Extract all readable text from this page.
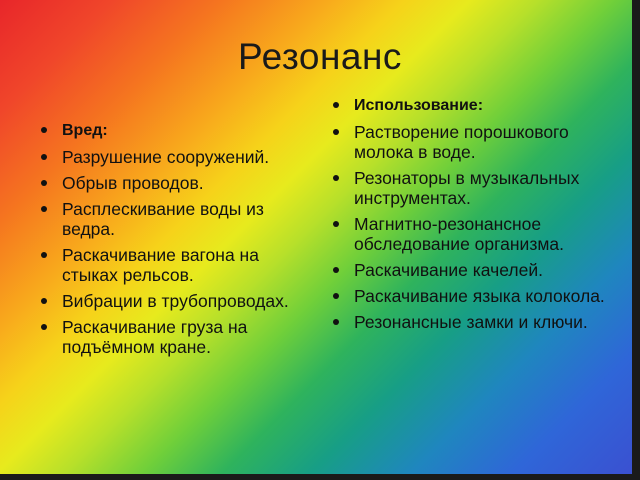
Резонанс
Вред:
Разрушение сооружений.
Обрыв проводов.
Расплескивание воды из ведра.
Раскачивание вагона на стыках рельсов.
Вибрации в трубопроводах.
Раскачивание груза на подъёмном кране.
Использование:
Растворение порошкового молока в воде.
Резонаторы в музыкальных инструментах.
Магнитно-резонансное обследование организма.
Раскачивание качелей.
Раскачивание языка колокола.
Резонансные замки и ключи.
